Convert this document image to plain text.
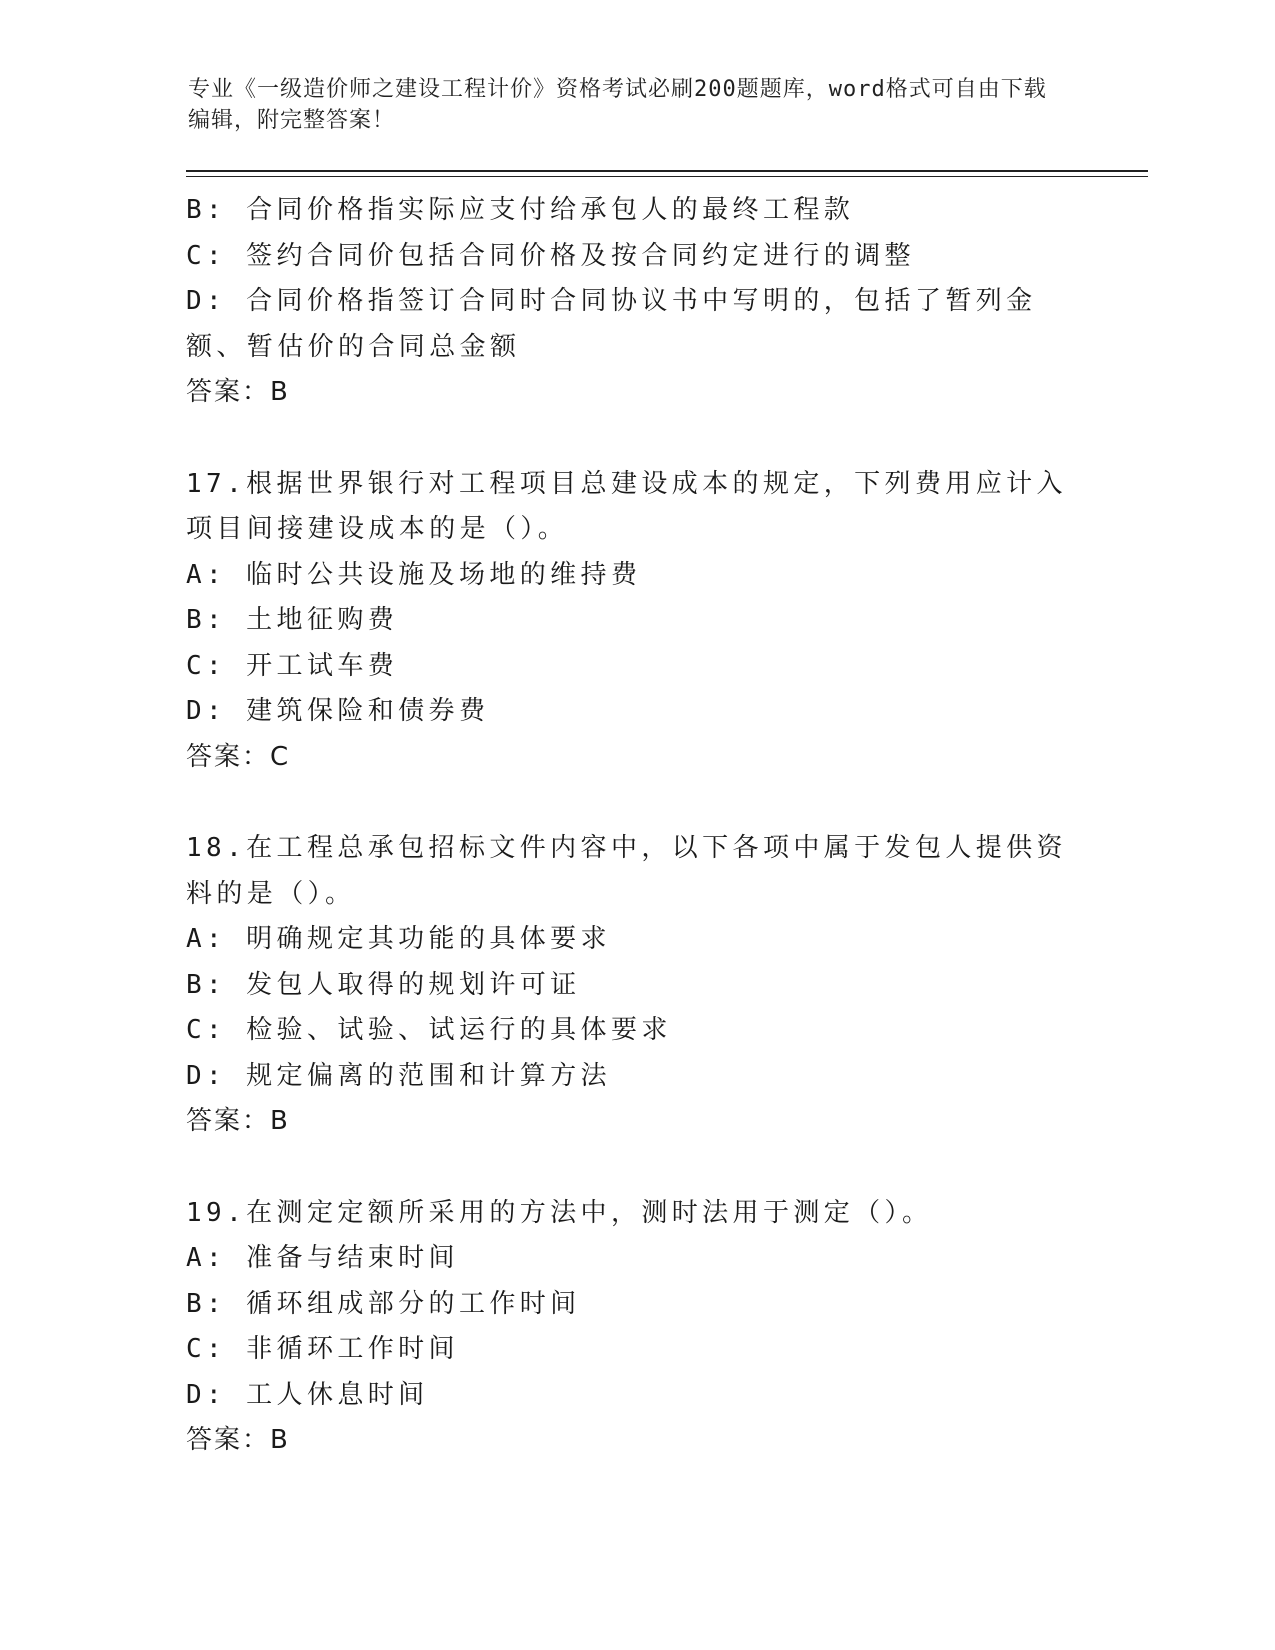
专业《一级造价师之建设工程计价》资格考试必刷200题题库，word格式可自由下载编辑，附完整答案！
B: 合同价格指实际应支付给承包人的最终工程款
C: 签约合同价包括合同价格及按合同约定进行的调整
D: 合同价格指签订合同时合同协议书中写明的，包括了暂列金额、暂估价的合同总金额
答案：B
17.根据世界银行对工程项目总建设成本的规定，下列费用应计入项目间接建设成本的是（）。
A: 临时公共设施及场地的维持费
B: 土地征购费
C: 开工试车费
D: 建筑保险和债券费
答案：C
18.在工程总承包招标文件内容中，以下各项中属于发包人提供资料的是（）。
A: 明确规定其功能的具体要求
B: 发包人取得的规划许可证
C: 检验、试验、试运行的具体要求
D: 规定偏离的范围和计算方法
答案：B
19.在测定定额所采用的方法中，测时法用于测定（）。
A: 准备与结束时间
B: 循环组成部分的工作时间
C: 非循环工作时间
D: 工人休息时间
答案：B
